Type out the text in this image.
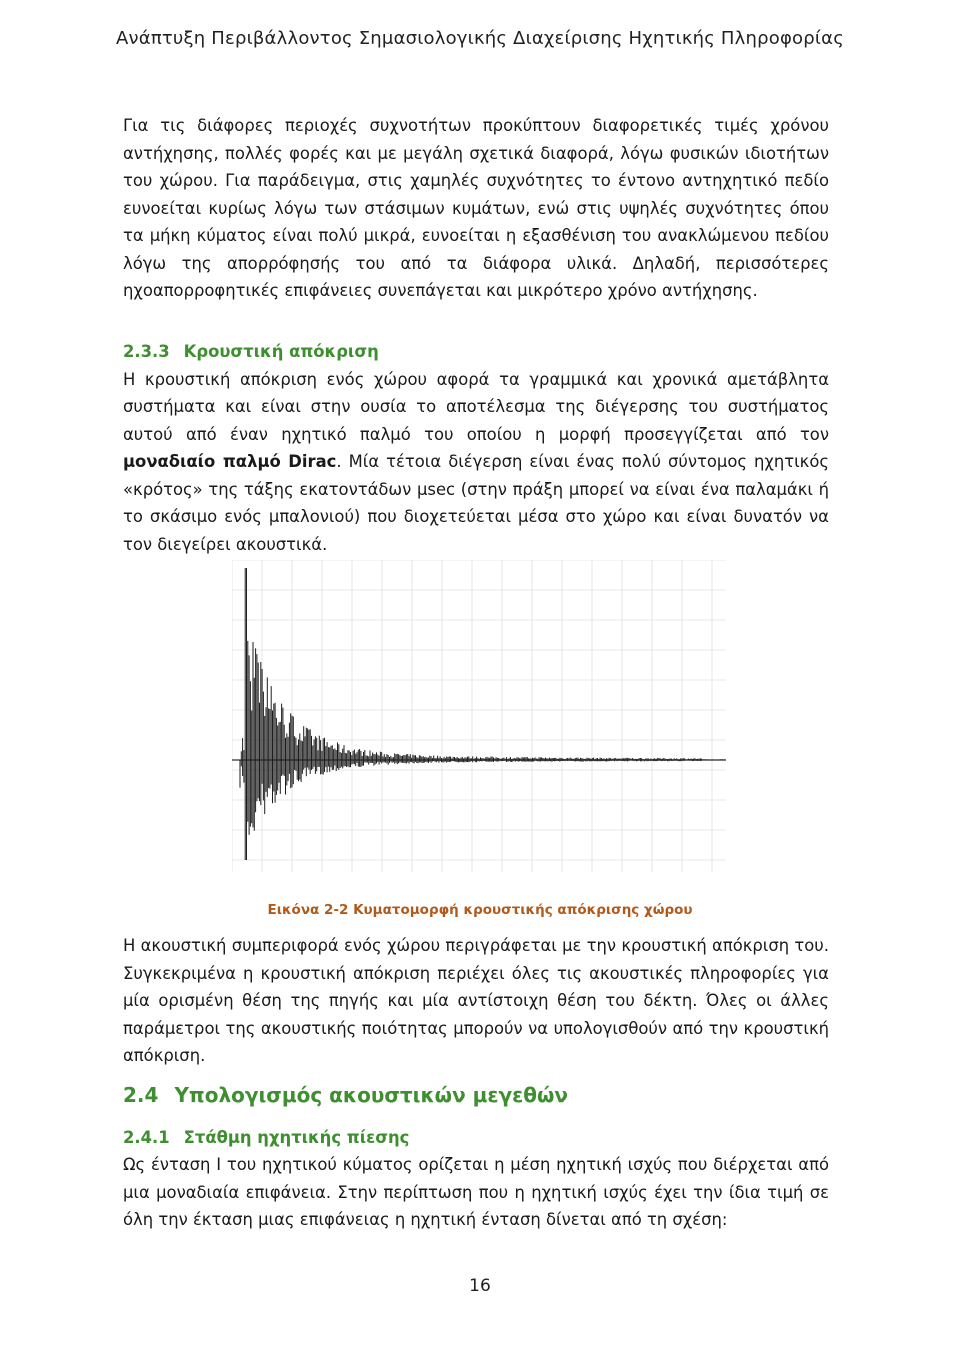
Ανάπτυξη Περιβάλλοντος Σημασιολογικής Διαχείρισης Ηχητικής Πληροφορίας

Για τις διάφορες περιοχές συχνοτήτων προκύπτουν διαφορετικές τιμές χρόνου αντήχησης, πολλές φορές και με μεγάλη σχετικά διαφορά, λόγω φυσικών ιδιοτήτων του χώρου. Για παράδειγμα, στις χαμηλές συχνότητες το έντονο αντηχητικό πεδίο ευνοείται κυρίως λόγω των στάσιμων κυμάτων, ενώ στις υψηλές συχνότητες όπου τα μήκη κύματος είναι πολύ μικρά, ευνοείται η εξασθένιση του ανακλώμενου πεδίου λόγω της απορρόφησής του από τα διάφορα υλικά. Δηλαδή, περισσότερες ηχοαπορροφητικές επιφάνειες συνεπάγεται και μικρότερο χρόνο αντήχησης.

2.3.3 Κρουστική απόκριση

Η κρουστική απόκριση ενός χώρου αφορά τα γραμμικά και χρονικά αμετάβλητα συστήματα και είναι στην ουσία το αποτέλεσμα της διέγερσης του συστήματος αυτού από έναν ηχητικό παλμό του οποίου η μορφή προσεγγίζεται από τον μοναδιαίο παλμό Dirac. Μία τέτοια διέγερση είναι ένας πολύ σύντομος ηχητικός «κρότος» της τάξης εκατοντάδων μsec (στην πράξη μπορεί να είναι ένα παλαμάκι ή το σκάσιμο ενός μπαλονιού) που διοχετεύεται μέσα στο χώρο και είναι δυνατόν να τον διεγείρει ακουστικά.

Εικόνα 2-2 Κυματομορφή κρουστικής απόκρισης χώρου

Η ακουστική συμπεριφορά ενός χώρου περιγράφεται με την κρουστική απόκριση του. Συγκεκριμένα η κρουστική απόκριση περιέχει όλες τις ακουστικές πληροφορίες για μία ορισμένη θέση της πηγής και μία αντίστοιχη θέση του δέκτη. Όλες οι άλλες παράμετροι της ακουστικής ποιότητας μπορούν να υπολογισθούν από την κρουστική απόκριση.

2.4 Υπολογισμός ακουστικών μεγεθών

2.4.1 Στάθμη ηχητικής πίεσης

Ως ένταση Ι του ηχητικού κύματος ορίζεται η μέση ηχητική ισχύς που διέρχεται από μια μοναδιαία επιφάνεια. Στην περίπτωση που η ηχητική ισχύς έχει την ίδια τιμή σε όλη την έκταση μιας επιφάνειας η ηχητική ένταση δίνεται από τη σχέση:

16
